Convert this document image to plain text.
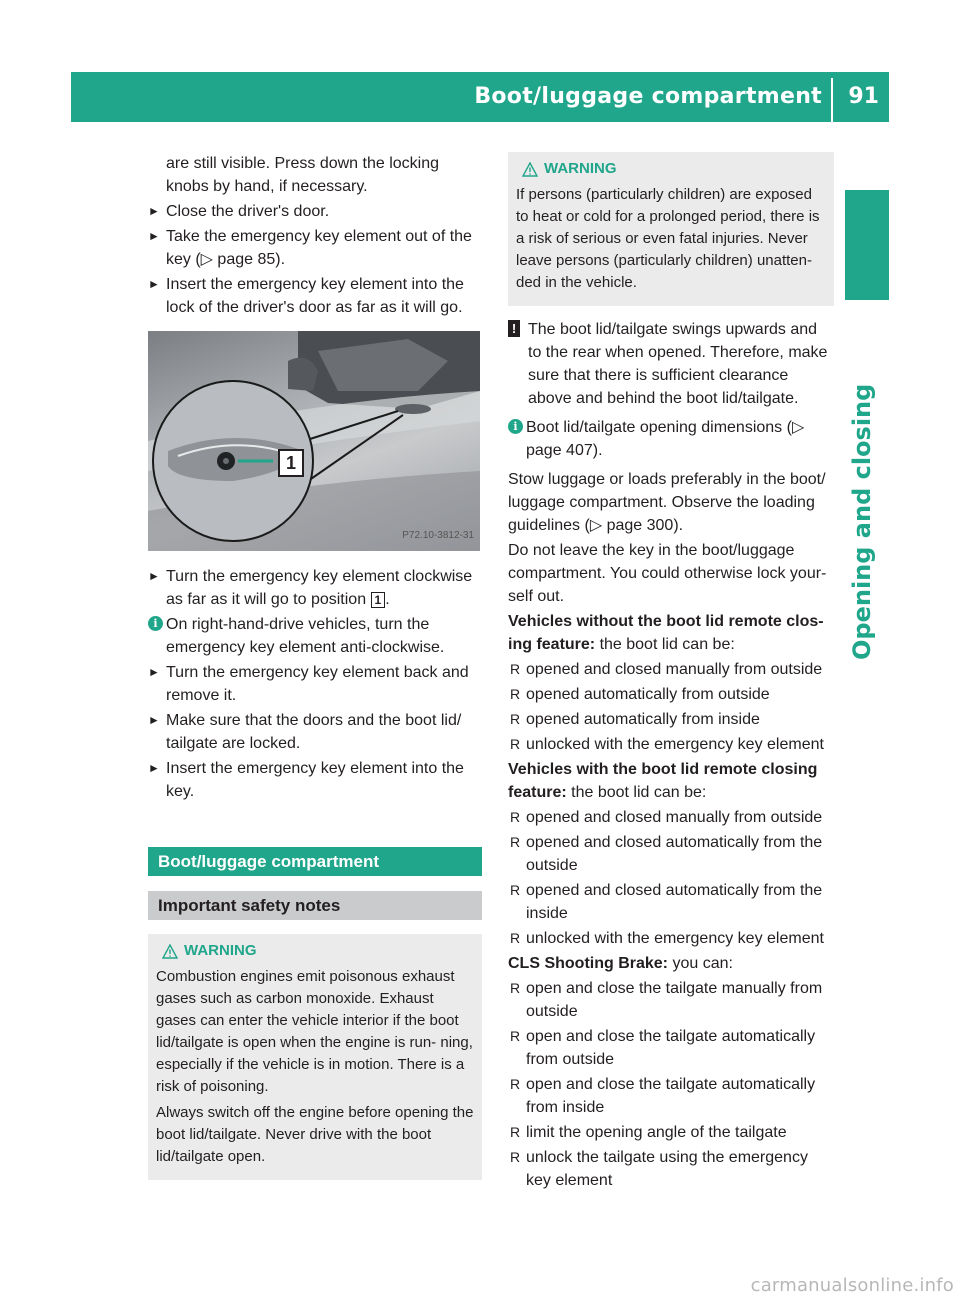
Boot/luggage compartment 91
Opening and closing

are still visible. Press down the locking
knobs by hand, if necessary.

► Close the driver's door.
► Take the emergency key element out of the key (▷ page 85).
► Insert the emergency key element into the lock of the driver's door as far as it will go.
1
P72.10-3812-31
► Turn the emergency key element clockwise as far as it will go to position 1 .
i On right-hand-drive vehicles, turn the emergency key element anti-clockwise.
► Turn the emergency key element back and remove it.
► Make sure that the doors and the boot lid/ tailgate are locked.
► Insert the emergency key element into the key.
Boot/luggage compartment
Important safety notes
WARNING

Combustion engines emit poisonous exhaust gases such as carbon monoxide. Exhaust gases can enter the vehicle interior if the boot lid/tailgate is open when the engine is run- ning, especially if the vehicle is in motion. There is a risk of poisoning.

Always switch off the engine before opening the boot lid/tailgate. Never drive with the boot lid/tailgate open.

WARNING

If persons (particularly children) are exposed to heat or cold for a prolonged period, there is a risk of serious or even fatal injuries. Never leave persons (particularly children) unatten- ded in the vehicle.

! The boot lid/tailgate swings upwards and to the rear when opened. Therefore, make sure that there is sufficient clearance above and behind the boot lid/tailgate.
i Boot lid/tailgate opening dimensions (▷ page 407).

Stow luggage or loads preferably in the boot/ luggage compartment. Observe the loading guidelines (▷ page 300).

Do not leave the key in the boot/luggage compartment. You could otherwise lock your- self out.

Vehicles without the boot lid remote clos- ing feature: the boot lid can be:

R opened and closed manually from outside
R opened automatically from outside
R opened automatically from inside
R unlocked with the emergency key element

Vehicles with the boot lid remote closing feature: the boot lid can be:

R opened and closed manually from outside
R opened and closed automatically from the outside
R opened and closed automatically from the inside
R unlocked with the emergency key element

CLS Shooting Brake: you can:

R open and close the tailgate manually from outside
R open and close the tailgate automatically from outside
R open and close the tailgate automatically from inside
R limit the opening angle of the tailgate
R unlock the tailgate using the emergency key element
carmanualsonline.info
